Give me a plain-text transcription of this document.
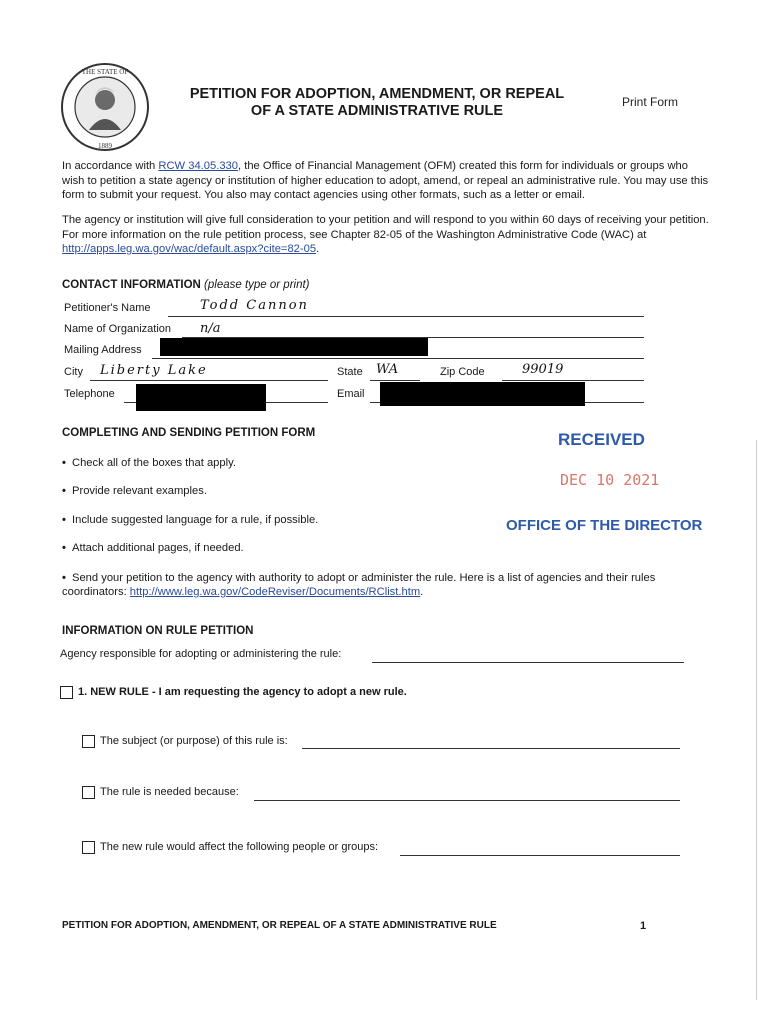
THE STATE OF
1889
PETITION FOR ADOPTION, AMENDMENT, OR REPEAL
OF A STATE ADMINISTRATIVE RULE
Print Form
In accordance with RCW 34.05.330, the Office of Financial Management (OFM) created this form for individuals or groups who wish to petition a state agency or institution of higher education to adopt, amend, or repeal an administrative rule. You may use this form to submit your request. You also may contact agencies using other formats, such as a letter or email.
The agency or institution will give full consideration to your petition and will respond to you within 60 days of receiving your petition. For more information on the rule petition process, see Chapter 82-05 of the Washington Administrative Code (WAC) at http://apps.leg.wa.gov/wac/default.aspx?cite=82-05.
CONTACT INFORMATION (please type or print)
Petitioner's Name	Todd Cannon
Name of Organization n/a
Mailing Address
City Liberty Lake	State WA	Zip Code	99019
Telephone	Email
COMPLETING AND SENDING PETITION FORM
• Check all of the boxes that apply.
• Provide relevant examples.
• Include suggested language for a rule, if possible.
• Attach additional pages, if needed.
• Send your petition to the agency with authority to adopt or administer the rule. Here is a list of agencies and their rules coordinators: http://www.leg.wa.gov/CodeReviser/Documents/RClist.htm.
RECEIVED
DEC 10 2021
OFFICE OF THE DIRECTOR
INFORMATION ON RULE PETITION
Agency responsible for adopting or administering the rule:
1. NEW RULE - I am requesting the agency to adopt a new rule.
The subject (or purpose) of this rule is:
The rule is needed because:
The new rule would affect the following people or groups:
PETITION FOR ADOPTION, AMENDMENT, OR REPEAL OF A STATE ADMINISTRATIVE RULE	1
